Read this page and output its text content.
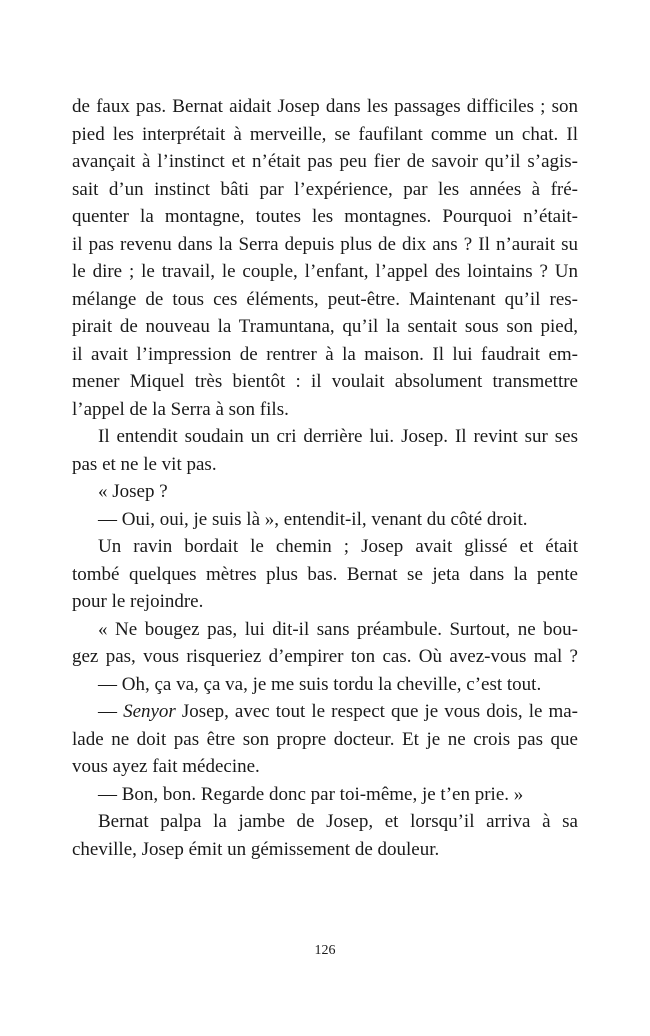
de faux pas. Bernat aidait Josep dans les passages difficiles ; son
pied les interprétait à merveille, se faufilant comme un chat. Il
avançait à l’instinct et n’était pas peu fier de savoir qu’il s’agis-
sait d’un instinct bâti par l’expérience, par les années à fré-
quenter la montagne, toutes les montagnes. Pourquoi n’était-
il pas revenu dans la Serra depuis plus de dix ans ? Il n’aurait su
le dire ; le travail, le couple, l’enfant, l’appel des lointains ? Un
mélange de tous ces éléments, peut-être. Maintenant qu’il res-
pirait de nouveau la Tramuntana, qu’il la sentait sous son pied,
il avait l’impression de rentrer à la maison. Il lui faudrait em-
mener Miquel très bientôt : il voulait absolument transmettre
l’appel de la Serra à son fils.
Il entendit soudain un cri derrière lui. Josep. Il revint sur ses
pas et ne le vit pas.
« Josep ?
— Oui, oui, je suis là », entendit-il, venant du côté droit.
Un ravin bordait le chemin ; Josep avait glissé et était
tombé quelques mètres plus bas. Bernat se jeta dans la pente
pour le rejoindre.
« Ne bougez pas, lui dit-il sans préambule. Surtout, ne bou-
gez pas, vous risqueriez d’empirer ton cas. Où avez-vous mal ?
— Oh, ça va, ça va, je me suis tordu la cheville, c’est tout.
— Senyor Josep, avec tout le respect que je vous dois, le ma-
lade ne doit pas être son propre docteur. Et je ne crois pas que
vous ayez fait médecine.
— Bon, bon. Regarde donc par toi-même, je t’en prie. »
Bernat palpa la jambe de Josep, et lorsqu’il arriva à sa
cheville, Josep émit un gémissement de douleur.
126
